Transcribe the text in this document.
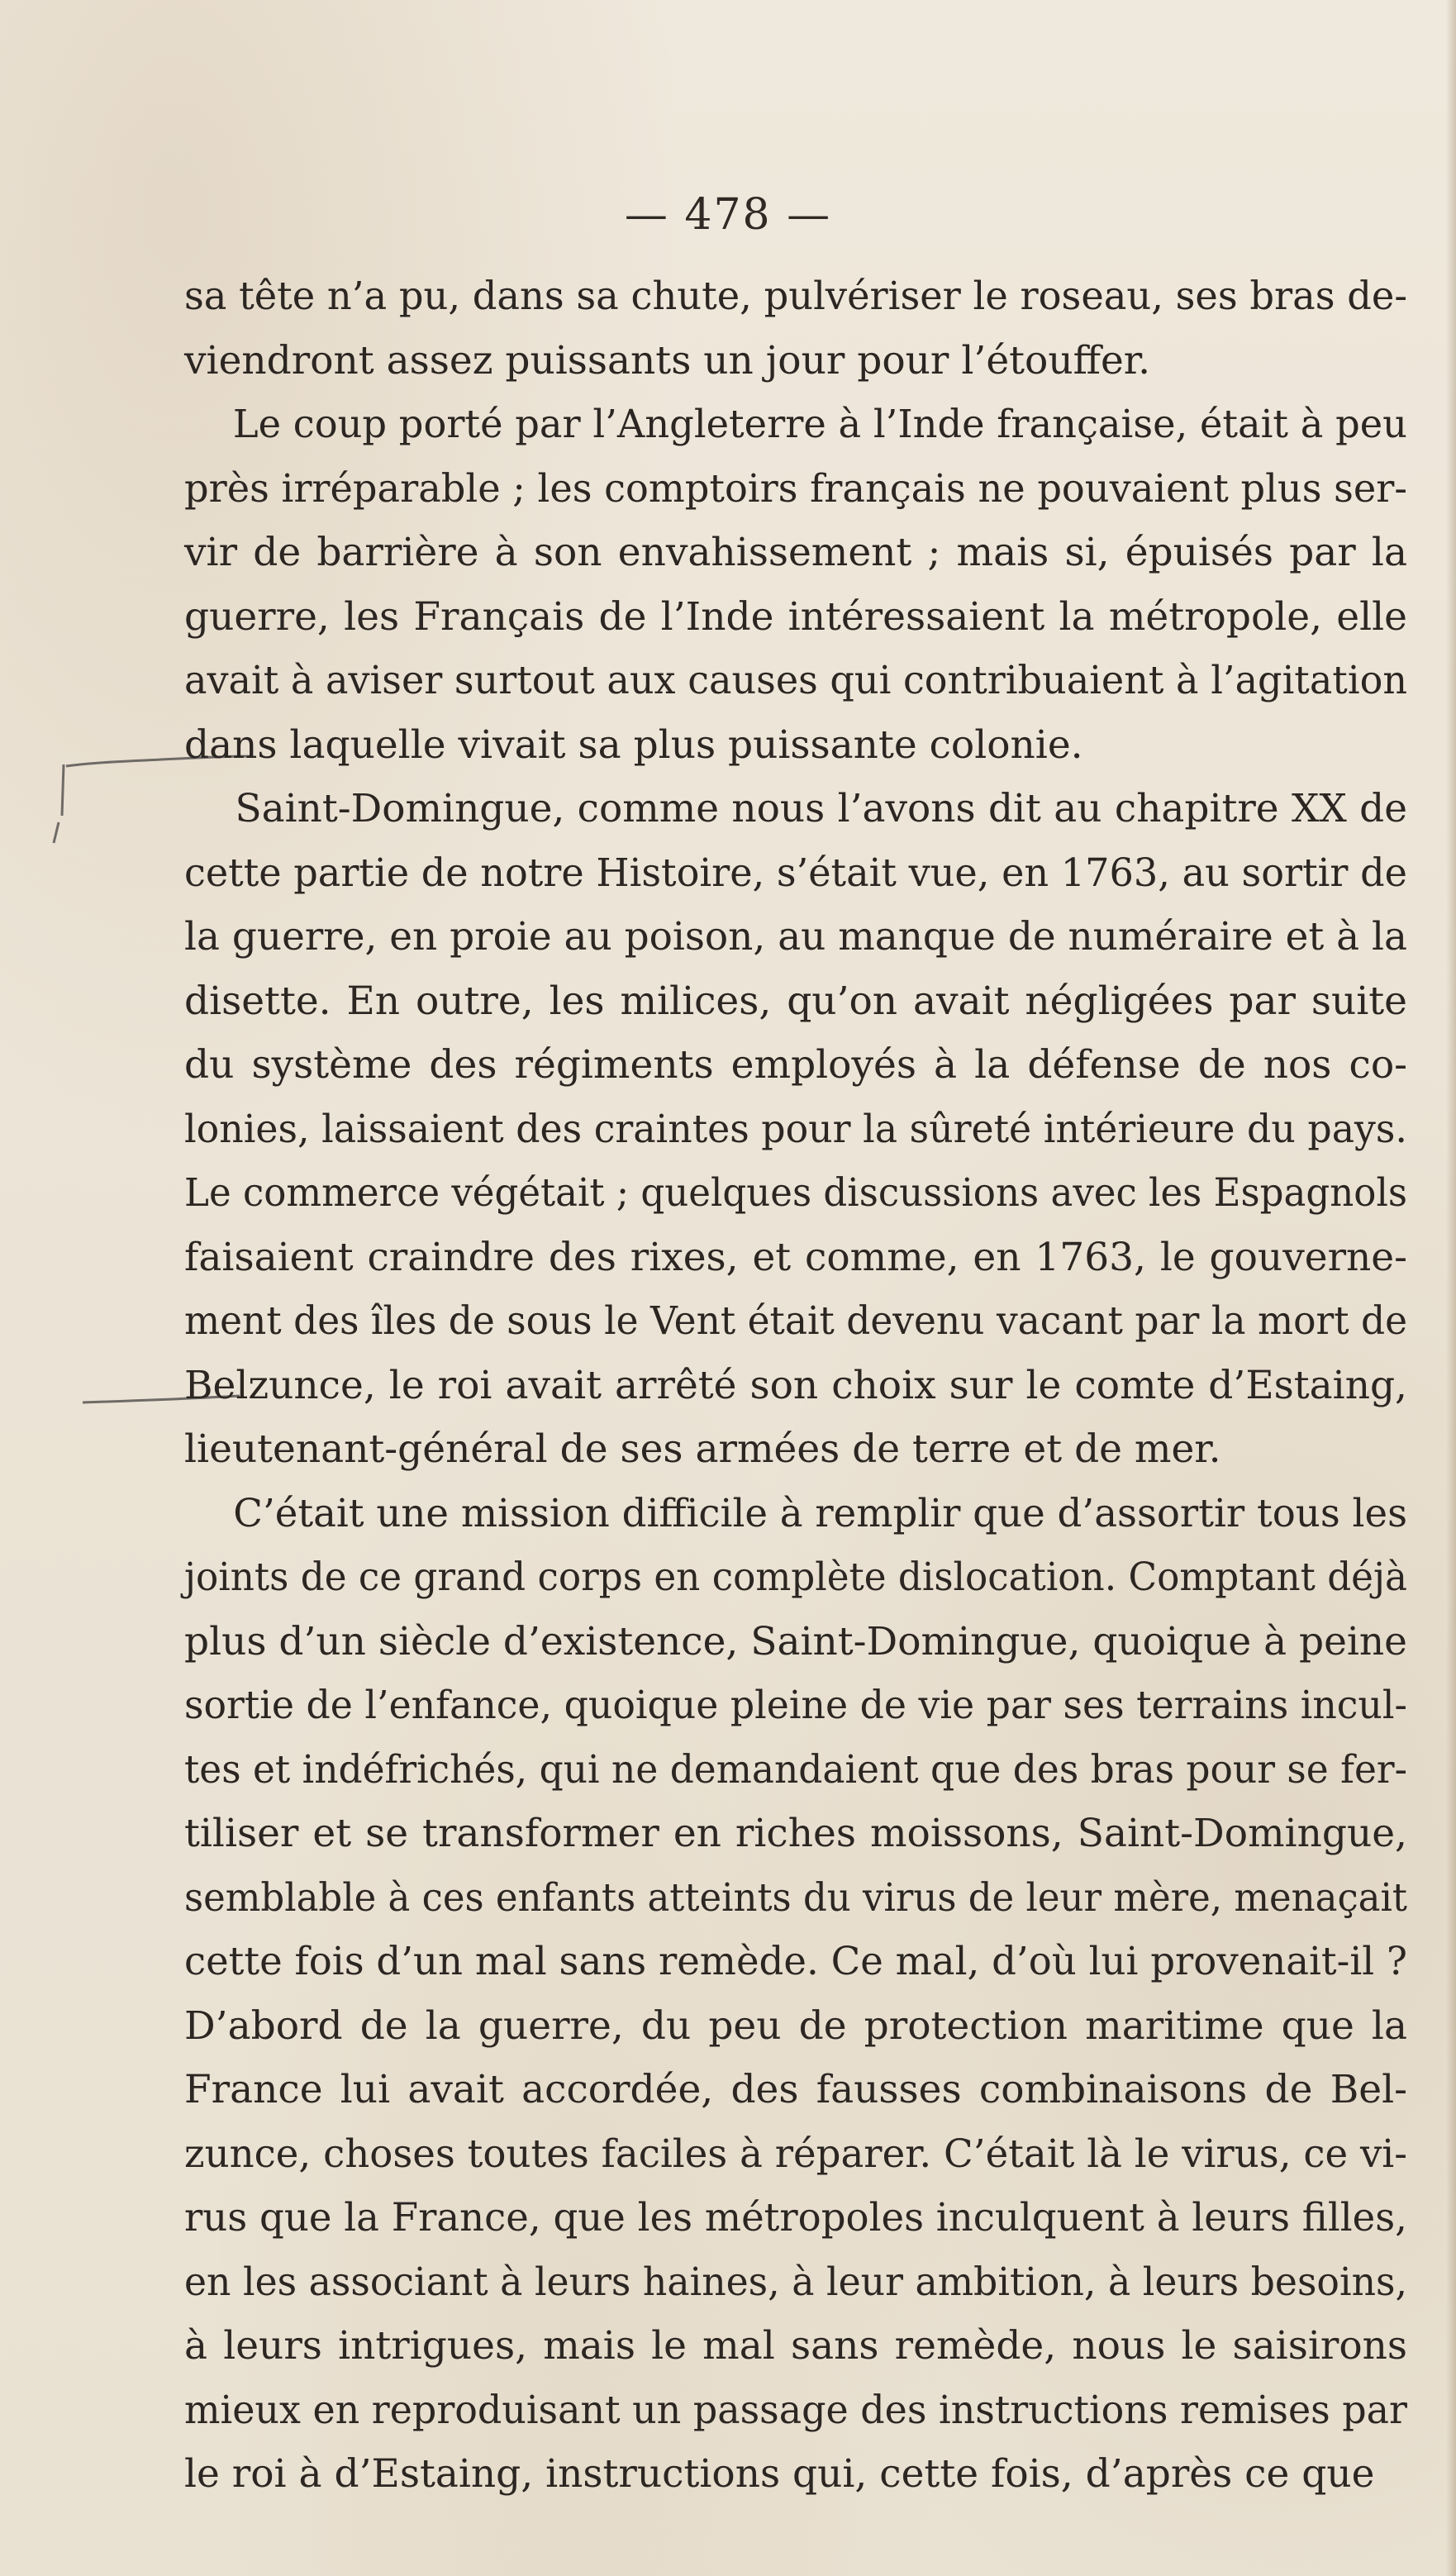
— 478 —
sa tête n’a pu, dans sa chute, pulvériser le roseau, ses bras de-
viendront assez puissants un jour pour l’étouffer.
Le coup porté par l’Angleterre à l’Inde française, était à peu
près irréparable ; les comptoirs français ne pouvaient plus ser-
vir de barrière à son envahissement ; mais si, épuisés par la
guerre, les Français de l’Inde intéressaient la métropole, elle
avait à aviser surtout aux causes qui contribuaient à l’agitation
dans laquelle vivait sa plus puissante colonie.
Saint-Domingue, comme nous l’avons dit au chapitre XX de
cette partie de notre Histoire, s’était vue, en 1763, au sortir de
la guerre, en proie au poison, au manque de numéraire et à la
disette. En outre, les milices, qu’on avait négligées par suite
du système des régiments employés à la défense de nos co-
lonies, laissaient des craintes pour la sûreté intérieure du pays.
Le commerce végétait ; quelques discussions avec les Espagnols
faisaient craindre des rixes, et comme, en 1763, le gouverne-
ment des îles de sous le Vent était devenu vacant par la mort de
Belzunce, le roi avait arrêté son choix sur le comte d’Estaing,
lieutenant-général de ses armées de terre et de mer.
C’était une mission difficile à remplir que d’assortir tous les
joints de ce grand corps en complète dislocation. Comptant déjà
plus d’un siècle d’existence, Saint-Domingue, quoique à peine
sortie de l’enfance, quoique pleine de vie par ses terrains incul-
tes et indéfrichés, qui ne demandaient que des bras pour se fer-
tiliser et se transformer en riches moissons, Saint-Domingue,
semblable à ces enfants atteints du virus de leur mère, menaçait
cette fois d’un mal sans remède. Ce mal, d’où lui provenait-il ?
D’abord de la guerre, du peu de protection maritime que la
France lui avait accordée, des fausses combinaisons de Bel-
zunce, choses toutes faciles à réparer. C’était là le virus, ce vi-
rus que la France, que les métropoles inculquent à leurs filles,
en les associant à leurs haines, à leur ambition, à leurs besoins,
à leurs intrigues, mais le mal sans remède, nous le saisirons
mieux en reproduisant un passage des instructions remises par
le roi à d’Estaing, instructions qui, cette fois, d’après ce que
